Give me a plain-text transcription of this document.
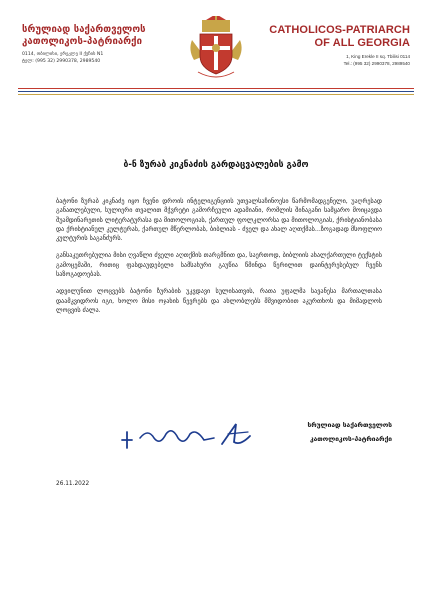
სრულიად საქართველოს
კათოლიკოს-პატრიარქი
0114, თბილისი, ერეკლე II ქუჩის N1
ტელ: (995 32) 2990378, 2989540
CATHOLICOS-PATRIARCH
OF ALL GEORGIA
1, King Erekle II sq. Tbilisi 0114
Tel.: (995 32) 2990378, 2989540
ბ-ნ ზურაბ კიკნაძის გარდაცვალების გამო

ბატონი ზურაბ კიკნაძე იყო ჩვენი დროის ინტელიგენციის უთვალსაჩინოესი წარმომადგენელი, უაღრესად განათლებული, სულიერი თვალით მჭვრეტი გამორჩეული ადამიანი, რომლის შინაგანი სამყარო მოიცავდა შუამდინარეთის ლიტერატურასა და მითოლოგიას, ქართულ ფოლკლორსა და მითოლოგიას, ქრისტიანობასა და ქრისტიანულ კულტურას, ქართულ მწერლობას, ბიბლიას - ძველ და ახალ აღთქმას...ზოგადად მსოფლიო კულტურის საგანძურს.

განსაკუთრებულია მისი ღვაწლი ძველი აღთქმის თარგმნით და, საერთოდ, ბიბლიის ახალქართული ტექსტის გამოცემაში, რითიც ფასდაუდებელი სამსახური გაუწია წმინდა წერილით დაინტერესებულ ჩვენს საზოგადოებას.

ადვილუნით ლოცვებს ბატონი ზურაბის უკვდავი სულისათვის, რათა უფალმა სავანესა მართალთასა დაამკვიდროს იგი, ხოლო მისი ოჯახის წევრებს და ახლობლებს მშვიდობით აკურთხოს და მიმადლოს ლოცვის ძალა.

სრულიად საქართველოს
კათოლიკოს-პატრიარქი
26.11.2022
